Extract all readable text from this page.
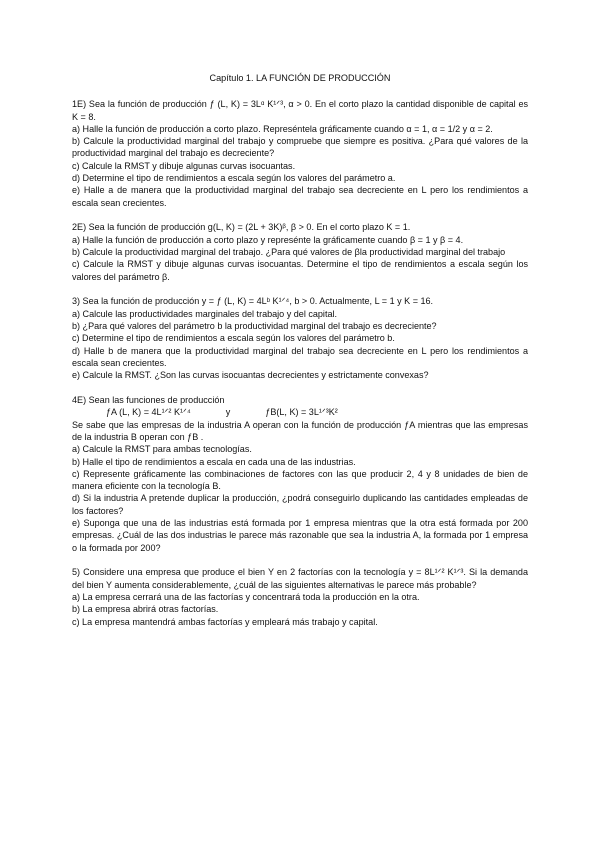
Capítulo 1. LA FUNCIÓN DE PRODUCCIÓN

1E) Sea la función de producción ƒ (L, K) = 3Lᵅ K¹ᐟ³, α > 0. En el corto plazo la cantidad disponible de capital es K = 8.

a) Halle la función de producción a corto plazo. Represéntela gráficamente cuando α = 1, α = 1/2 y α = 2.

b) Calcule la productividad marginal del trabajo y compruebe que siempre es positiva. ¿Para qué valores de la productividad marginal del trabajo es decreciente?

c) Calcule la RMST y dibuje algunas curvas isocuantas.

d) Determine el tipo de rendimientos a escala según los valores del parámetro a.

e) Halle a de manera que la productividad marginal del trabajo sea decreciente en L pero los rendimientos a escala sean crecientes.

2E) Sea la función de producción g(L, K) = (2L + 3K)ᵝ, β > 0. En el corto plazo K = 1.

a) Halle la función de producción a corto plazo y represénte la gráficamente cuando β = 1 y β = 4.

b) Calcule la productividad marginal del trabajo. ¿Para qué valores de βla productividad marginal del trabajo

c) Calcule la RMST y dibuje algunas curvas isocuantas. Determine el tipo de rendimientos a escala según los valores del parámetro β.

3) Sea la función de producción y = ƒ (L, K) = 4Lᵇ K¹ᐟ⁴, b > 0. Actualmente, L = 1 y K = 16.

a) Calcule las productividades marginales del trabajo y del capital.

b) ¿Para qué valores del parámetro b la productividad marginal del trabajo es decreciente?

c) Determine el tipo de rendimientos a escala según los valores del parámetro b.

d) Halle b de manera que la productividad marginal del trabajo sea decreciente en L pero los rendimientos a escala sean crecientes.

e) Calcule la RMST. ¿Son las curvas isocuantas decrecientes y estrictamente convexas?

4E) Sean las funciones de producción

ƒA (L, K) = 4L¹ᐟ² K¹ᐟ⁴	y	ƒB(L, K) = 3L¹ᐟ³K²

Se sabe que las empresas de la industria A operan con la función de producción ƒA mientras que las empresas de la industria B operan con ƒB .

a) Calcule la RMST para ambas tecnologías.

b) Halle el tipo de rendimientos a escala en cada una de las industrias.

c) Represente gráficamente las combinaciones de factores con las que producir 2, 4 y 8 unidades de bien de manera eficiente con la tecnología B.

d) Si la industria A pretende duplicar la producción, ¿podrá conseguirlo duplicando las cantidades empleadas de los factores?

e) Suponga que una de las industrias está formada por 1 empresa mientras que la otra está formada por 200 empresas. ¿Cuál de las dos industrias le parece más razonable que sea la industria A, la formada por 1 empresa o la formada por 200?

5) Considere una empresa que produce el bien Y en 2 factorías con la tecnología y = 8L¹ᐟ² K¹ᐟ³. Si la demanda del bien Y aumenta considerablemente, ¿cuál de las siguientes alternativas le parece más probable?

a) La empresa cerrará una de las factorías y concentrará toda la producción en la otra.

b) La empresa abrirá otras factorías.

c) La empresa mantendrá ambas factorías y empleará más trabajo y capital.
